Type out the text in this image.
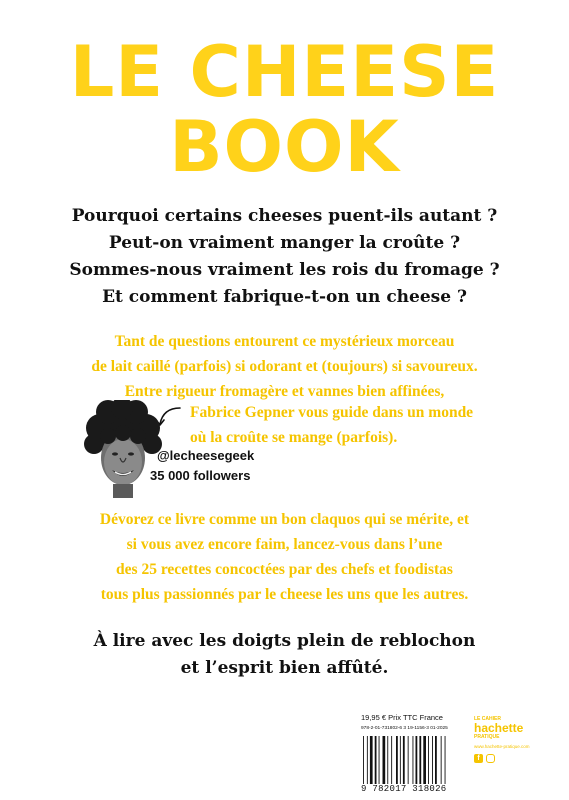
LE CHEESE
BOOK
Pourquoi certains cheeses puent-ils autant ?
Peut-on vraiment manger la croûte ?
Sommes-nous vraiment les rois du fromage ?
Et comment fabrique-t-on un cheese ?
Tant de questions entourent ce mystérieux morceau
de lait caillé (parfois) si odorant et (toujours) si savoureux.
Entre rigueur fromagère et vannes bien affinées,
Fabrice Gepner vous guide dans un monde
où la croûte se mange (parfois).
@lecheesegeek
35 000 followers
Dévorez ce livre comme un bon claquos qui se mérite, et
si vous avez encore faim, lancez-vous dans l’une
des 25 recettes concoctées par des chefs et foodistas
tous plus passionnés par le cheese les uns que les autres.
À lire avec les doigts plein de reblochon
et l’esprit bien affûté.
19,95 € Prix TTC France
978-2-01-731802-6 3 19-1156-3 01-2025
9 782017 318026
LE CAHIER
hachette
PRATIQUE
www.hachette-pratique.com
f
